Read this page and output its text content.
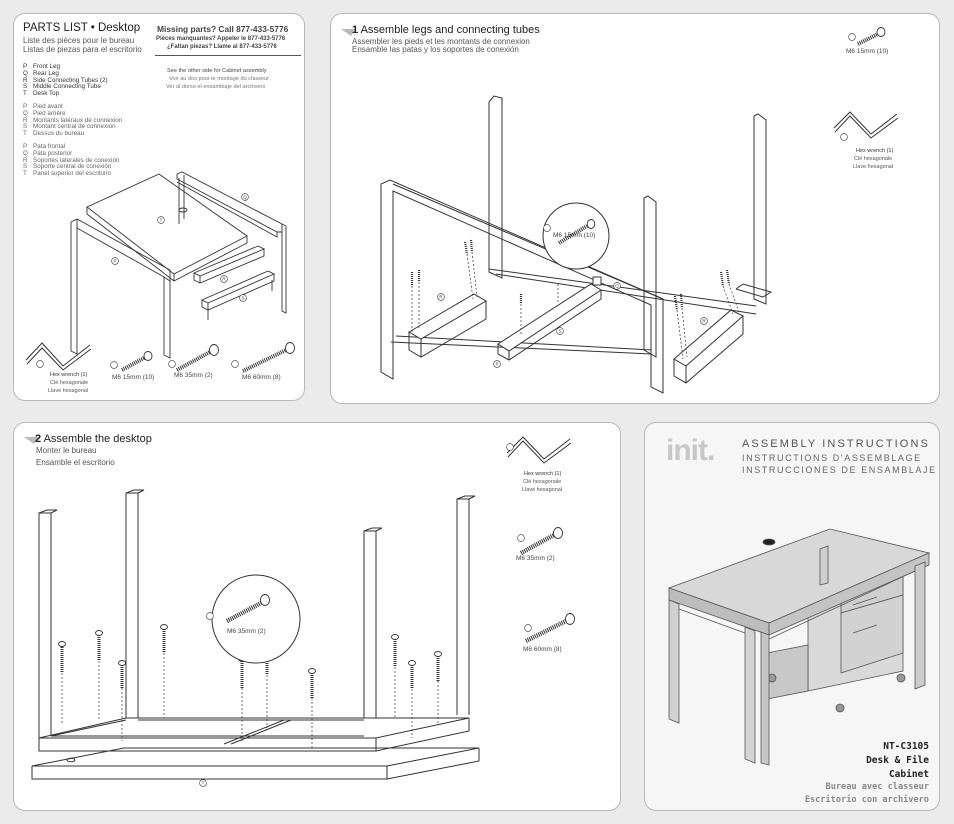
PARTS LIST • Desktop
Liste des pièces pour le bureau
Listas de piezas para el escritorio
Missing parts? Call 877-433-5776
Pièces manquantes? Appeler le 877-433-5776
¿Faltan piezas? Llame al 877-433-5776
See the other side for Cabinet assembly
Voir au dos pour le montage du classeur
Ver al dorso el ensamblaje del archivero
P Front Leg
Q Rear Leg
R Side Connecting Tubes (2)
S Middle Connecting Tube
T Desk Top
P Pied avant
Q Pied arrière
R Montants latéraux de connexion
S Montant central de connexion
T Dessus du bureau
P Pata frontal
Q Pata posterior
R Soportes laterales de conexión
S Soporte central de conexión
T Panel superior del escritorio
T
P
Q
R
S
Hex wrench (1)
Clé hexagonale
Llave hexagonal
M6 15mm (10)	M6 35mm (2)	M6 60mm (8)
R
S
Q
R
P
1 Assemble legs and connecting tubes
Assembler les pieds et les montants de connexion
Ensamble las patas y los soportes de conexión	M6 15mm (10)
M6 15mm (10)
Hex wrench (1)
Clé hexagonale
Llave hexagonal
T
2 Assemble the desktop
Monter le bureau
Ensamble el escritorio
M6 35mm (2)
Hex wrench (1)
Clé hexagonale
Llave hexagonal
M6 35mm (2)
M6 60mm (8)
init.	ASSEMBLY INSTRUCTIONS
INSTRUCTIONS D'ASSEMBLAGE
INSTRUCCIONES DE ENSAMBLAJE
NT-C3105
Desk & File
Cabinet
Bureau avec classeur
Escritorio con archivero
